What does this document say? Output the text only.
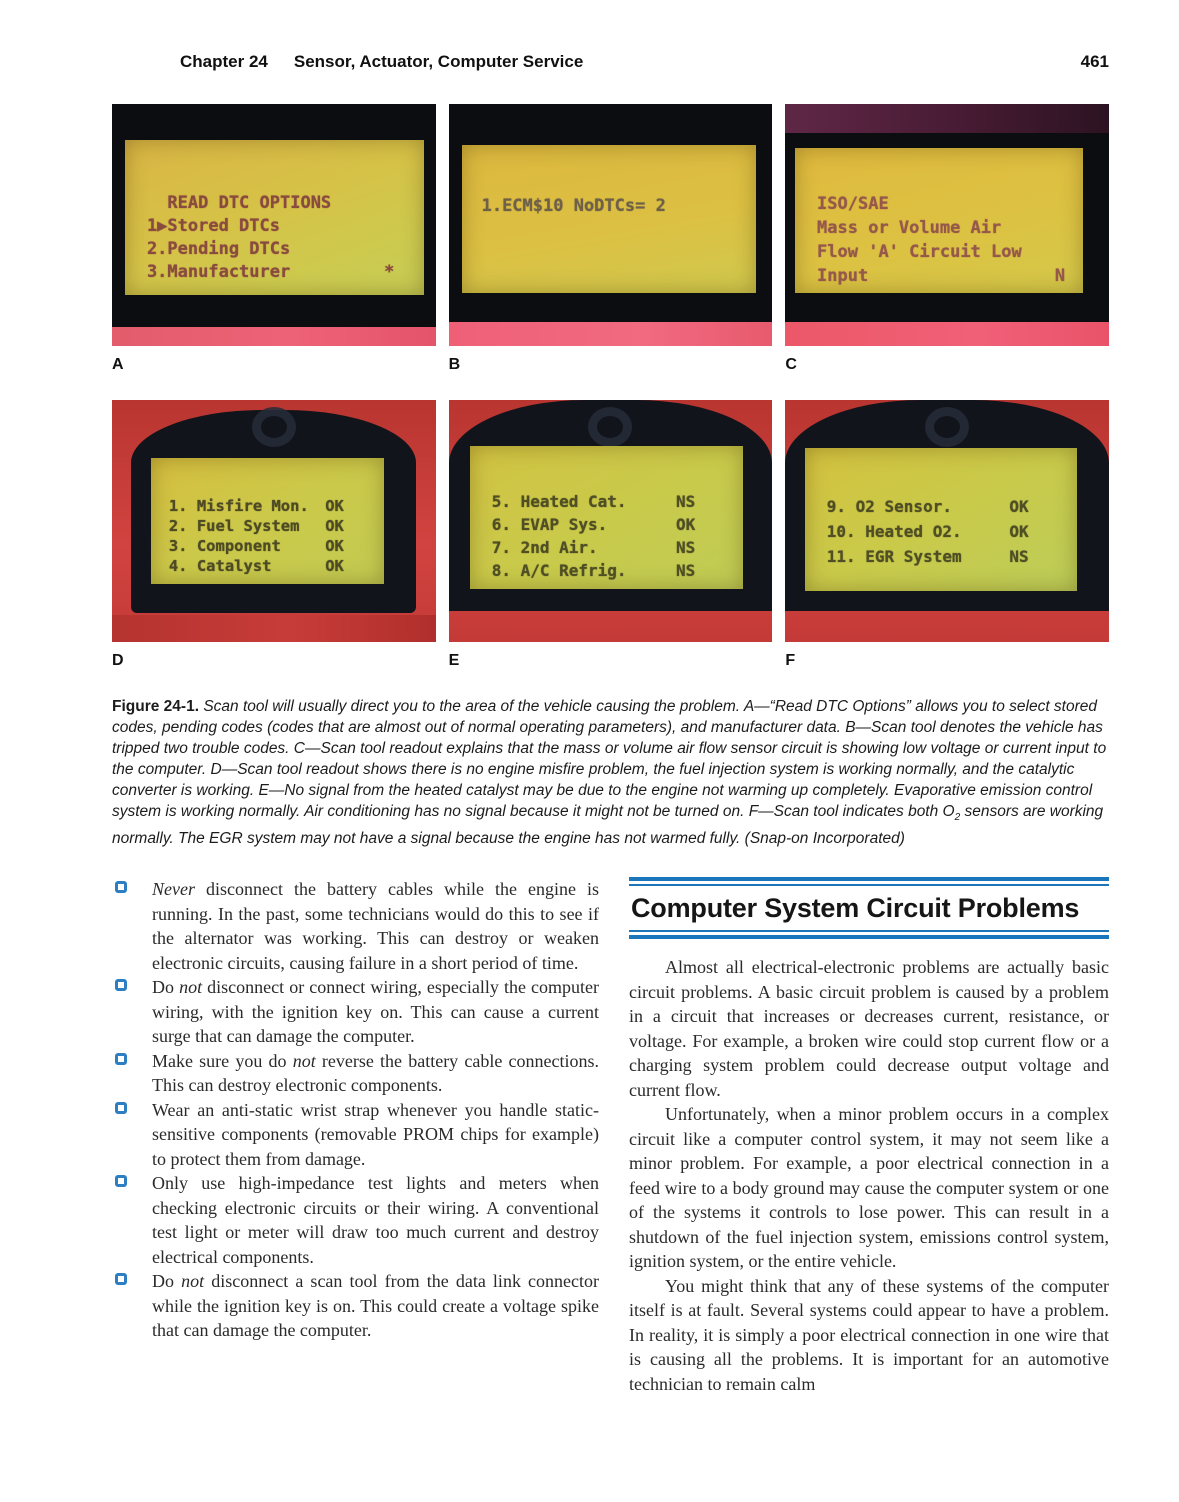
Chapter 24 Sensor, Actuator, Computer Service	461
READ DTC OPTIONS
1▶Stored DTCs
2.Pending DTCs
3.Manufacturer	*
1.ECM$10 NoDTCs= 2	ISO/SAE
Mass or Volume Air
Flow 'A' Circuit Low
Input	N
A	B	C
1. Misfire Mon. OK
2. Fuel System OK
3. Component	OK
4. Catalyst	OK
5. Heated Cat.	NS
6. EVAP Sys.	OK
7. 2nd Air.	NS
8. A/C Refrig.	NS
9. O2 Sensor.	OK
10. Heated O2.	OK
11. EGR System	NS
D	E	F
Figure 24-1. Scan tool will usually direct you to the area of the vehicle causing the problem. A—“Read DTC Options” allows you to select stored codes, pending codes (codes that are almost out of normal operating parameters), and manufacturer data. B—Scan tool denotes the vehicle has tripped two trouble codes. C—Scan tool readout explains that the mass or volume air flow sensor circuit is showing low voltage or current input to the computer. D—Scan tool readout shows there is no engine misfire problem, the fuel injection system is working normally, and the catalytic converter is working. E—No signal from the heated catalyst may be due to the engine not warming up completely. Evaporative emission control system is working normally. Air conditioning has no signal because it might not be turned on. F—Scan tool indicates both $O_2$ sensors are working normally. The EGR system may not have a signal because the engine has not warmed fully. (Snap-on Incorporated)
Never disconnect the battery cables while the engine is running. In the past, some technicians would do this to see if the alternator was working. This can destroy or weaken electronic circuits, causing failure in a short period of time.
Do not disconnect or connect wiring, especially the computer wiring, with the ignition key on. This can cause a current surge that can damage the computer.
Make sure you do not reverse the battery cable connections. This can destroy electronic components.
Wear an anti-static wrist strap whenever you handle static-sensitive components (removable PROM chips for example) to protect them from damage.
Only use high-impedance test lights and meters when checking electronic circuits or their wiring. A conventional test light or meter will draw too much current and destroy electrical components.
Do not disconnect a scan tool from the data link connector while the ignition key is on. This could create a voltage spike that can damage the computer.
Computer System Circuit Problems

Almost all electrical-electronic problems are actually basic circuit problems. A basic circuit problem is caused by a problem in a circuit that increases or decreases current, resistance, or voltage. For example, a broken wire could stop current flow or a charging system problem could decrease output voltage and current flow.

Unfortunately, when a minor problem occurs in a complex circuit like a computer control system, it may not seem like a minor problem. For example, a poor electrical connection in a feed wire to a body ground may cause the computer system or one of the systems it controls to lose power. This can result in a shutdown of the fuel injection system, emissions control system, ignition system, or the entire vehicle.

You might think that any of these systems of the computer itself is at fault. Several systems could appear to have a problem. In reality, it is simply a poor electrical connection in one wire that is causing all the problems. It is important for an automotive technician to remain calm
